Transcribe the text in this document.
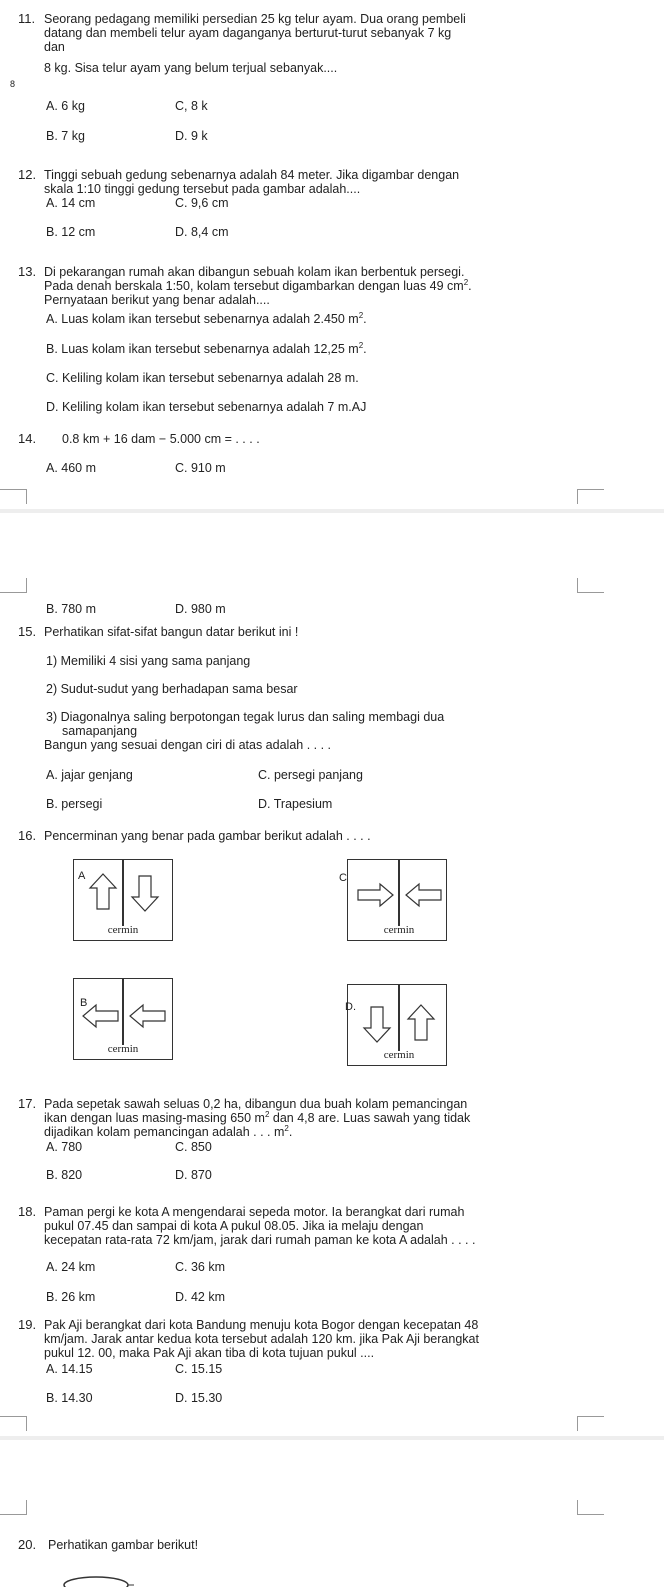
11. Seorang pedagang memiliki persedian 25 kg telur ayam. Dua orang pembeli
datang dan membeli telur ayam daganganya berturut-turut sebanyak 7 kg
dan
8 kg. Sisa telur ayam yang belum terjual sebanyak....
8
A. 6 kg	C, 8 k
B. 7 kg	D. 9 k
12. Tinggi sebuah gedung sebenarnya adalah 84 meter. Jika digambar dengan
skala 1:10 tinggi gedung tersebut pada gambar adalah....
A. 14 cm	C. 9,6 cm
B. 12 cm	D. 8,4 cm
13. Di pekarangan rumah akan dibangun sebuah kolam ikan berbentuk persegi.
Pada denah berskala 1:50, kolam tersebut digambarkan dengan luas 49 $cm^2$.
Pernyataan berikut yang benar adalah....
A. Luas kolam ikan tersebut sebenarnya adalah 2.450 $m^2$.
B. Luas kolam ikan tersebut sebenarnya adalah 12,25 $m^2$.
C. Keliling kolam ikan tersebut sebenarnya adalah 28 m.
D. Keliling kolam ikan tersebut sebenarnya adalah 7 m.AJ
14. 0.8 km + 16 dam − 5.000 cm = . . . .
A. 460 m	C. 910 m
B. 780 m	D. 980 m
15. Perhatikan sifat-sifat bangun datar berikut ini !
1) Memiliki 4 sisi yang sama panjang
2) Sudut-sudut yang berhadapan sama besar
3) Diagonalnya saling berpotongan tegak lurus dan saling membagi dua
samapanjang
Bangun yang sesuai dengan ciri di atas adalah . . . .
A. jajar genjang	C. persegi panjang
B. persegi	D. Trapesium
16. Pencerminan yang benar pada gambar berikut adalah . . . .
A
cermin
C
cermin
B
cermin
D.
cermin
17. Pada sepetak sawah seluas 0,2 ha, dibangun dua buah kolam pemancingan
ikan dengan luas masing-masing 650 $m^2$ dan 4,8 are. Luas sawah yang tidak
dijadikan kolam pemancingan adalah . . . $m^2$.
A. 780	C. 850
B. 820	D. 870
18. Paman pergi ke kota A mengendarai sepeda motor. Ia berangkat dari rumah
pukul 07.45 dan sampai di kota A pukul 08.05. Jika ia melaju dengan
kecepatan rata-rata 72 km/jam, jarak dari rumah paman ke kota A adalah . . . .
A. 24 km	C. 36 km
B. 26 km	D. 42 km
19. Pak Aji berangkat dari kota Bandung menuju kota Bogor dengan kecepatan 48
km/jam. Jarak antar kedua kota tersebut adalah 120 km. jika Pak Aji berangkat
pukul 12. 00, maka Pak Aji akan tiba di kota tujuan pukul ....
A. 14.15	C. 15.15
B. 14.30	D. 15.30
20. Perhatikan gambar berikut!
